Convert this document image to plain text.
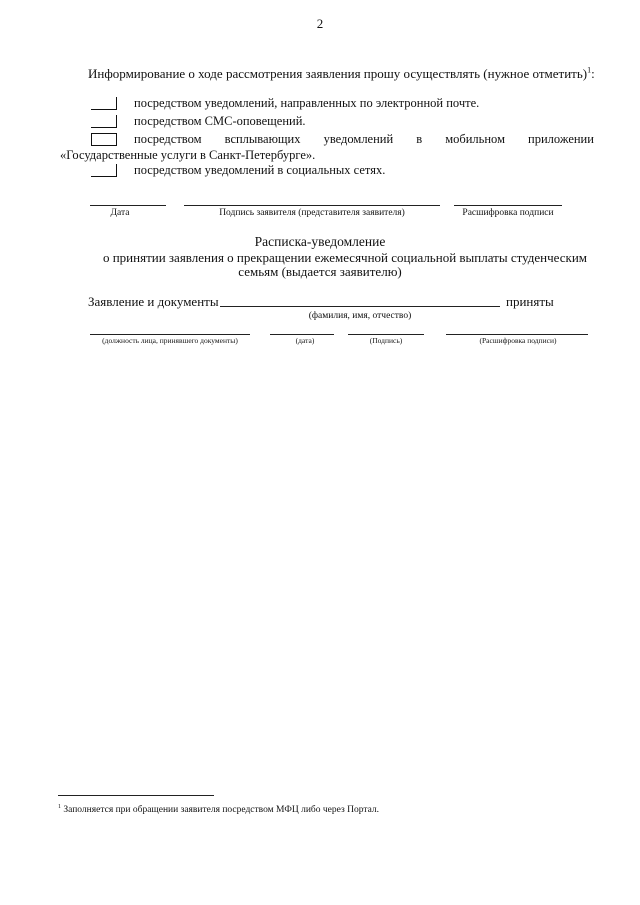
2
Информирование о ходе рассмотрения заявления прошу осуществлять (нужное отметить)$^1$:
посредством уведомлений, направленных по электронной почте.
посредством СМС-оповещений.
посредством всплывающих уведомлений в мобильном приложении
«Государственные услуги в Санкт-Петербурге».
посредством уведомлений в социальных сетях.
Дата	Подпись заявителя (представителя заявителя)	Расшифровка подписи
Расписка-уведомление
о принятии заявления о прекращении ежемесячной социальной выплаты студенческим
семьям (выдается заявителю)
Заявление и документы	приняты
(фамилия, имя, отчество)
(должность лица, принявшего документы)	(дата)	(Подпись)	(Расшифровка подписи)
$^1$ Заполняется при обращении заявителя посредством МФЦ либо через Портал.
